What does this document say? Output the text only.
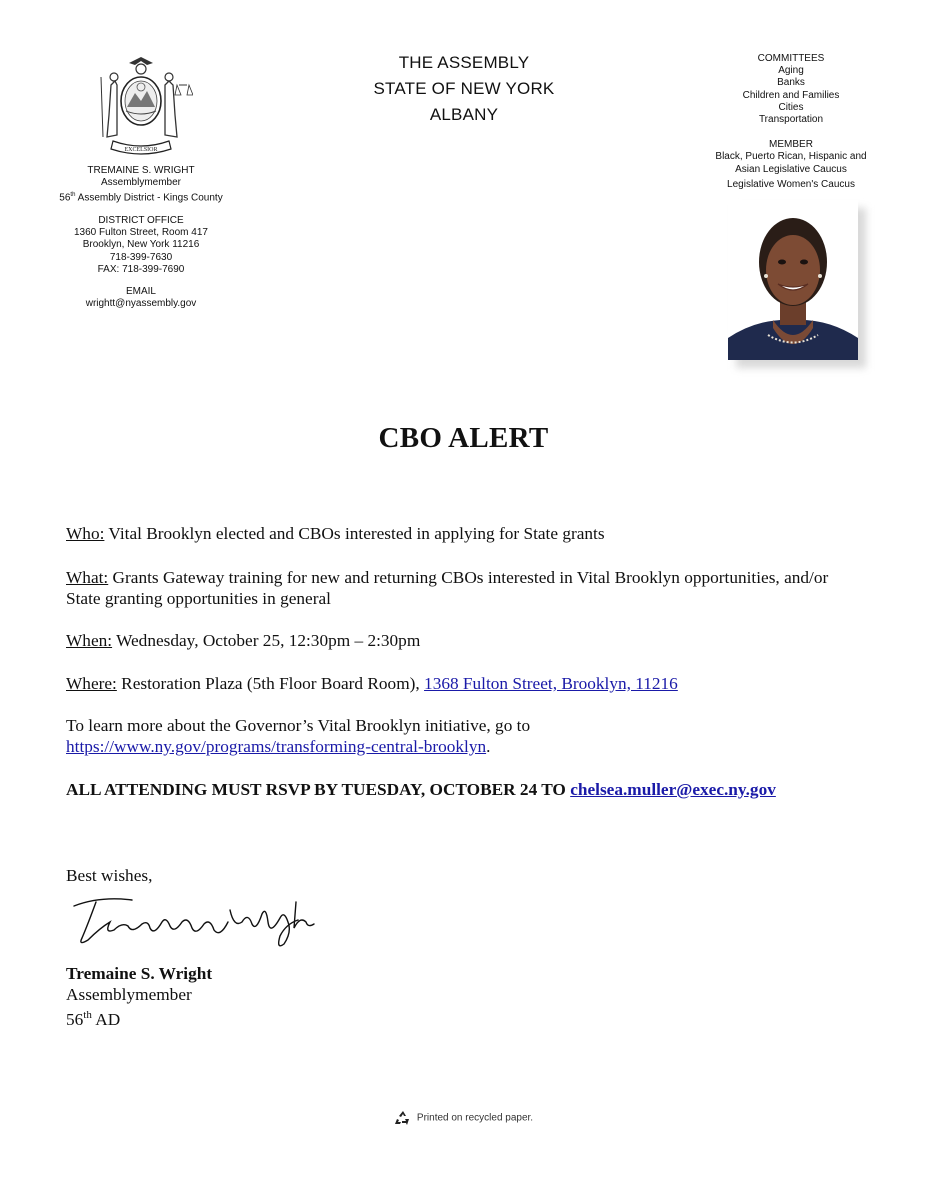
EXCELSIOR
TREMAINE S. WRIGHT
Assemblymember
56th Assembly District - Kings County
DISTRICT OFFICE
1360 Fulton Street, Room 417
Brooklyn, New York 11216
718-399-7630
FAX: 718-399-7690
EMAIL
wrightt@nyassembly.gov
THE ASSEMBLY
STATE OF NEW YORK
ALBANY
COMMITTEES
Aging
Banks
Children and Families
Cities
Transportation
MEMBER
Black, Puerto Rican, Hispanic and
Asian Legislative Caucus
Legislative Women's Caucus
CBO ALERT
Who: Vital Brooklyn elected and CBOs interested in applying for State grants
What: Grants Gateway training for new and returning CBOs interested in Vital Brooklyn opportunities, and/or State granting opportunities in general
When: Wednesday, October 25, 12:30pm – 2:30pm
Where: Restoration Plaza (5th Floor Board Room), 1368 Fulton Street, Brooklyn, 11216
To learn more about the Governor’s Vital Brooklyn initiative, go to
https://www.ny.gov/programs/transforming-central-brooklyn.
ALL ATTENDING MUST RSVP BY TUESDAY, OCTOBER 24 TO chelsea.muller@exec.ny.gov
Best wishes,
Tremaine S. Wright
Assemblymember
56th AD
Printed on recycled paper.
